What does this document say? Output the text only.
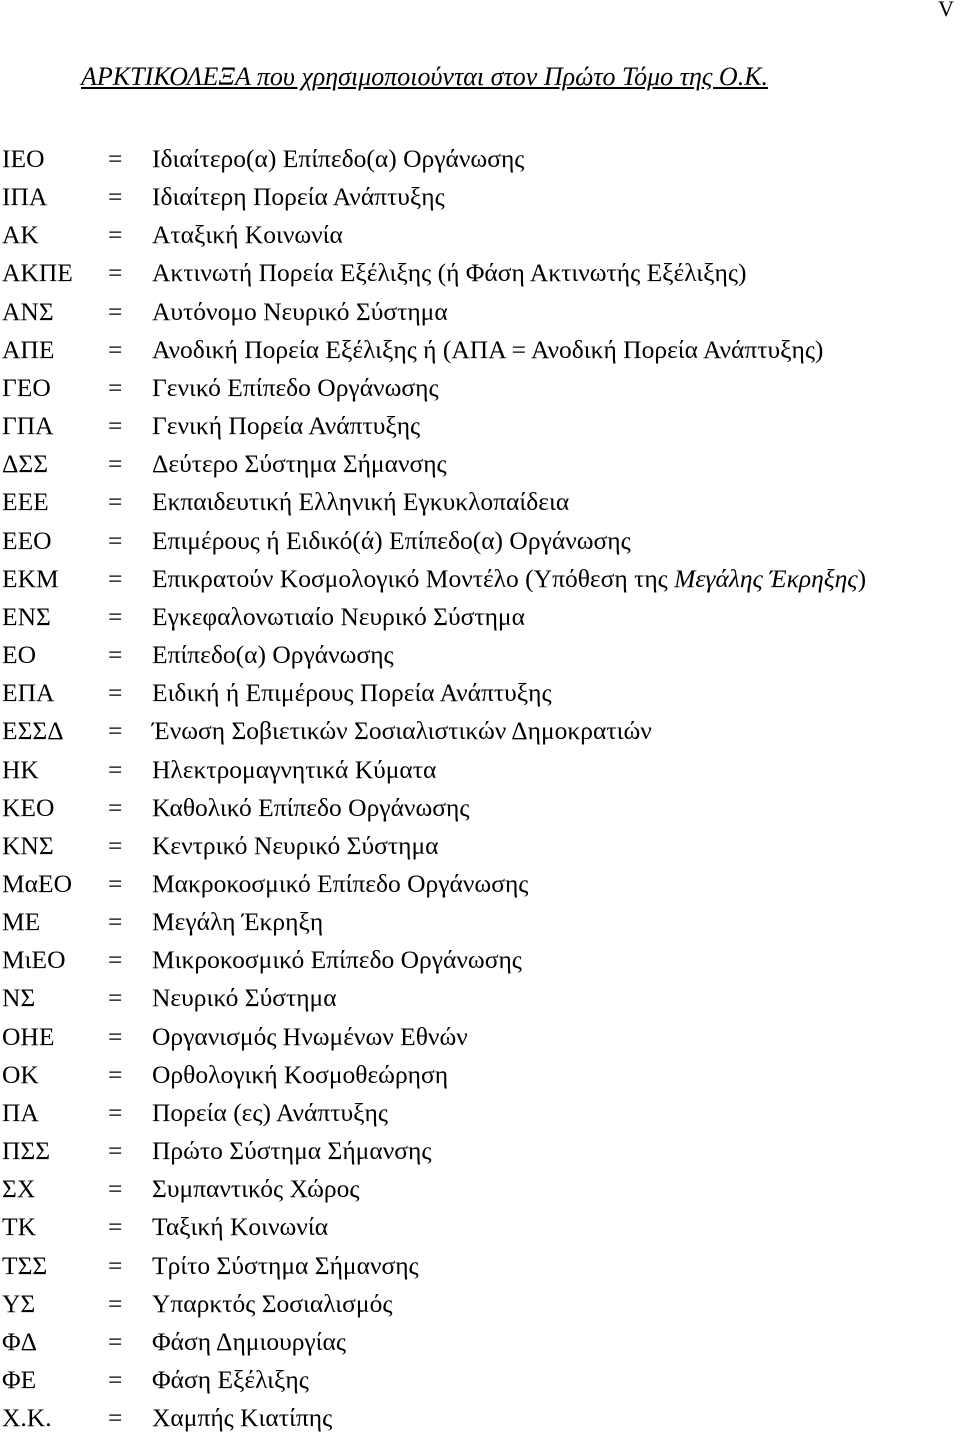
V
ΑΡΚΤΙΚΟΛΕΞΑ που χρησιμοποιούνται στον Πρώτο Τόμο της Ο.Κ.
ΙΕΟ	=	Ιδιαίτερο(α) Επίπεδο(α) Οργάνωσης
ΙΠΑ	=	Ιδιαίτερη Πορεία Ανάπτυξης
ΑΚ	=	Αταξική Κοινωνία
ΑΚΠΕ	=	Ακτινωτή Πορεία Εξέλιξης (ή Φάση Ακτινωτής Εξέλιξης)
ΑΝΣ	=	Αυτόνομο Νευρικό Σύστημα
ΑΠΕ	=	Ανοδική Πορεία Εξέλιξης ή (ΑΠΑ = Ανοδική Πορεία Ανάπτυξης)
ΓΕΟ	=	Γενικό Επίπεδο Οργάνωσης
ΓΠΑ	=	Γενική Πορεία Ανάπτυξης
ΔΣΣ	=	Δεύτερο Σύστημα Σήμανσης
ΕΕΕ	=	Εκπαιδευτική Ελληνική Εγκυκλοπαίδεια
ΕΕΟ	=	Επιμέρους ή Ειδικό(ά) Επίπεδο(α) Οργάνωσης
ΕΚΜ	=	Επικρατούν Κοσμολογικό Μοντέλο (Υπόθεση της Μεγάλης Έκρηξης)
ΕΝΣ	=	Εγκεφαλονωτιαίο Νευρικό Σύστημα
ΕΟ	=	Επίπεδο(α) Οργάνωσης
ΕΠΑ	=	Ειδική ή Επιμέρους Πορεία Ανάπτυξης
ΕΣΣΔ	=	Ένωση Σοβιετικών Σοσιαλιστικών Δημοκρατιών
ΗΚ	=	Ηλεκτρομαγνητικά Κύματα
ΚΕΟ	=	Καθολικό Επίπεδο Οργάνωσης
ΚΝΣ	=	Κεντρικό Νευρικό Σύστημα
ΜαΕΟ	=	Μακροκοσμικό Επίπεδο Οργάνωσης
ΜΕ	=	Μεγάλη Έκρηξη
ΜιΕΟ	=	Μικροκοσμικό Επίπεδο Οργάνωσης
ΝΣ	=	Νευρικό Σύστημα
ΟΗΕ	=	Οργανισμός Ηνωμένων Εθνών
ΟΚ	=	Ορθολογική Κοσμοθεώρηση
ΠΑ	=	Πορεία (ες) Ανάπτυξης
ΠΣΣ	=	Πρώτο Σύστημα Σήμανσης
ΣΧ	=	Συμπαντικός Χώρος
ΤΚ	=	Ταξική Κοινωνία
ΤΣΣ	=	Τρίτο Σύστημα Σήμανσης
ΥΣ	=	Υπαρκτός Σοσιαλισμός
ΦΔ	=	Φάση Δημιουργίας
ΦΕ	=	Φάση Εξέλιξης
Χ.Κ.	=	Χαμπής Κιατίπης
